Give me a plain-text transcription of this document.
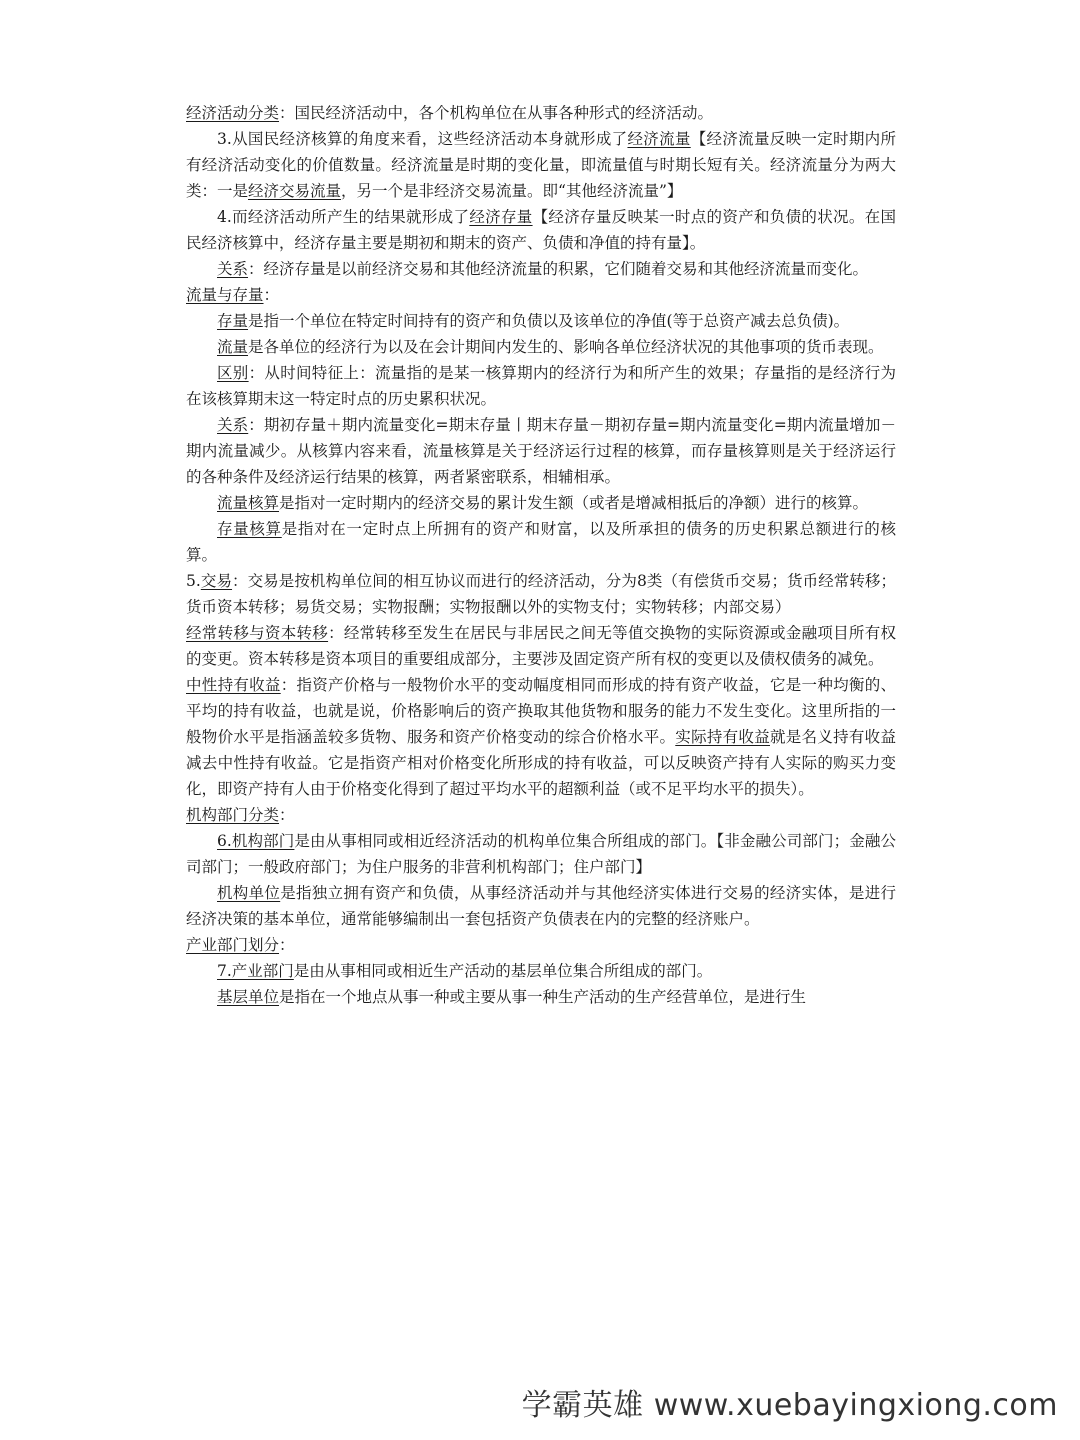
经济活动分类：国民经济活动中，各个机构单位在从事各种形式的经济活动。

3.从国民经济核算的角度来看，这些经济活动本身就形成了经济流量【经济流量反映一定时期内所有经济活动变化的价值数量。经济流量是时期的变化量，即流量值与时期长短有关。经济流量分为两大类：一是经济交易流量，另一个是非经济交易流量。即“其他经济流量”】

4.而经济活动所产生的结果就形成了经济存量【经济存量反映某一时点的资产和负债的状况。在国民经济核算中，经济存量主要是期初和期末的资产、负债和净值的持有量】。

关系：经济存量是以前经济交易和其他经济流量的积累，它们随着交易和其他经济流量而变化。

流量与存量：

存量是指一个单位在特定时间持有的资产和负债以及该单位的净值(等于总资产减去总负债)。

流量是各单位的经济行为以及在会计期间内发生的、影响各单位经济状况的其他事项的货币表现。

区别：从时间特征上：流量指的是某一核算期内的经济行为和所产生的效果；存量指的是经济行为在该核算期末这一特定时点的历史累积状况。

关系：期初存量＋期内流量变化=期末存量丨期末存量－期初存量=期内流量变化=期内流量增加－期内流量减少。从核算内容来看，流量核算是关于经济运行过程的核算，而存量核算则是关于经济运行的各种条件及经济运行结果的核算，两者紧密联系，相辅相承。

流量核算是指对一定时期内的经济交易的累计发生额（或者是增减相抵后的净额）进行的核算。

存量核算是指对在一定时点上所拥有的资产和财富，以及所承担的债务的历史积累总额进行的核算。

5.交易：交易是按机构单位间的相互协议而进行的经济活动，分为8类（有偿货币交易；货币经常转移；货币资本转移；易货交易；实物报酬；实物报酬以外的实物支付；实物转移；内部交易）

经常转移与资本转移：经常转移至发生在居民与非居民之间无等值交换物的实际资源或金融项目所有权的变更。资本转移是资本项目的重要组成部分，主要涉及固定资产所有权的变更以及债权债务的减免。

中性持有收益：指资产价格与一般物价水平的变动幅度相同而形成的持有资产收益，它是一种均衡的、平均的持有收益，也就是说，价格影响后的资产换取其他货物和服务的能力不发生变化。这里所指的一般物价水平是指涵盖较多货物、服务和资产价格变动的综合价格水平。实际持有收益就是名义持有收益减去中性持有收益。它是指资产相对价格变化所形成的持有收益，可以反映资产持有人实际的购买力变化，即资产持有人由于价格变化得到了超过平均水平的超额利益（或不足平均水平的损失）。

机构部门分类：

6.机构部门是由从事相同或相近经济活动的机构单位集合所组成的部门。【非金融公司部门；金融公司部门；一般政府部门；为住户服务的非营利机构部门；住户部门】

机构单位是指独立拥有资产和负债，从事经济活动并与其他经济实体进行交易的经济实体，是进行经济决策的基本单位，通常能够编制出一套包括资产负债表在内的完整的经济账户。

产业部门划分：

7.产业部门是由从事相同或相近生产活动的基层单位集合所组成的部门。

基层单位是指在一个地点从事一种或主要从事一种生产活动的生产经营单位，是进行生

学霸英雄 www.xuebayingxiong.com
